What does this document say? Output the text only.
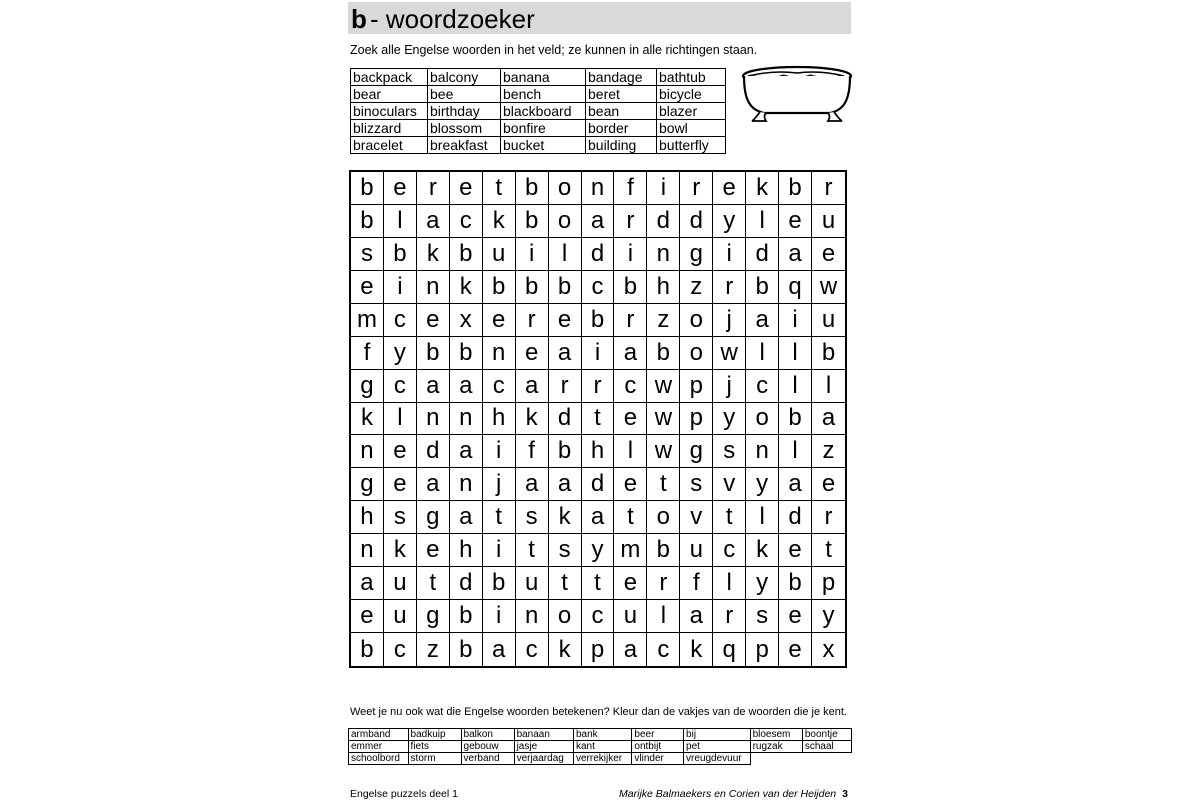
b - woordzoeker
Zoek alle Engelse woorden in het veld; ze kunnen in alle richtingen staan.
backpack	balcony	banana	bandage	bathtub
bear	bee	bench	beret	bicycle
binoculars	birthday	blackboard	bean	blazer
blizzard	blossom	bonfire	border	bowl
bracelet	breakfast	bucket	building	butterfly
b e r e t b o n f	i	r e k b r
b l a c k b o a r d d y	l e u
s b k b u i	l d i n g i d a e
e i n k b b b c b h z r b q w
m c e x e r e b r z o j a i	u
f y b b n e a i a b o w l	l	b
g c a a c a r	r c w p j	c	l	l
k	l n n h k d t e w p y o b a
n e d a i	f b h l w g s n l	z
g e a n j a a d e t s v y a e
h s g a t s k a t o v t	l d r
n k e h i	t s y m b u c k e t
a u t d b u t	t e r	f	l	y b p
e u g b i n o c u l a r s e y
b c z b a c k p a c k q p e x
Weet je nu ook wat die Engelse woorden betekenen? Kleur dan de vakjes van de woorden die je kent.
armband	badkuip	balkon	banaan	bank	beer	bij	bloesem	boontje
emmer	fiets	gebouw	jasje	kant	ontbijt	pet	rugzak	schaal
schoolbord	storm	verband	verjaardag	verrekijker	vlinder	vreugdevuur		
Engelse puzzels deel 1	Marijke Balmaekers en Corien van der Heijden 3
